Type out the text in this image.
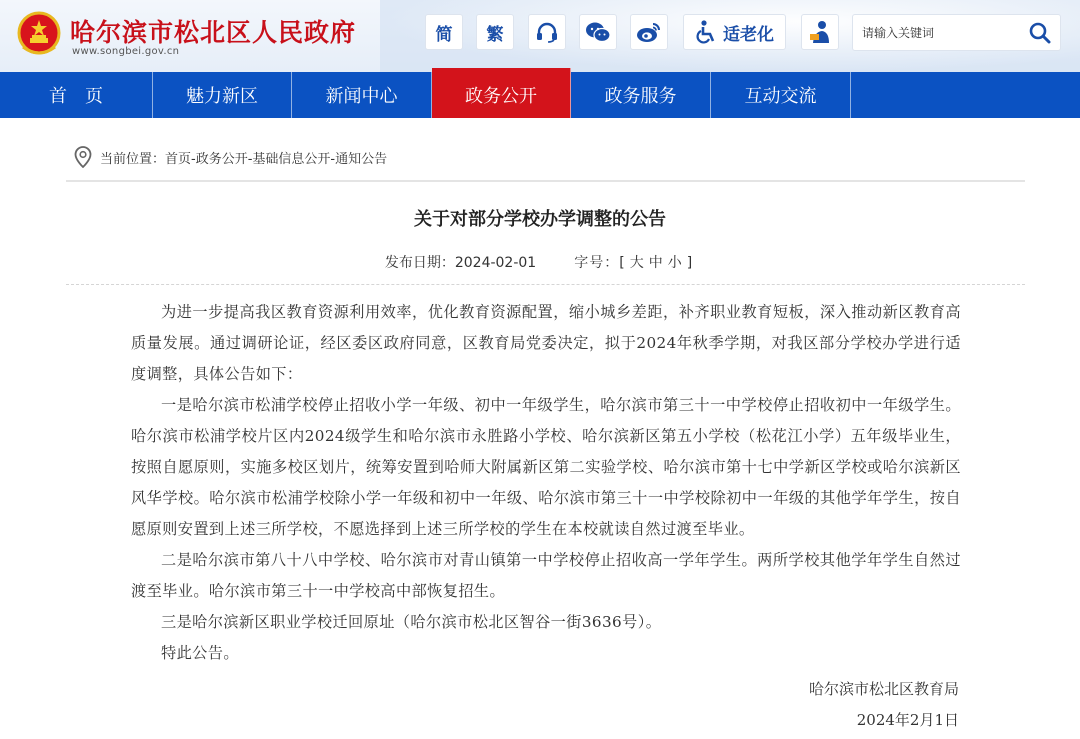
哈尔滨市松北区人民政府
www.songbei.gov.cn
简 繁	适老化
请输入关键词
首　页	魅力新区	新闻中心	政务公开	政务服务	互动交流
当前位置：首页-政务公开-基础信息公开-通知公告
关于对部分学校办学调整的公告
发布日期：2024-02-01	字号：[ 大 中 小 ]

为进一步提高我区教育资源利用效率，优化教育资源配置，缩小城乡差距，补齐职业教育短板，深入推动新区教育高质量发展。通过调研论证，经区委区政府同意，区教育局党委决定，拟于2024年秋季学期，对我区部分学校办学进行适度调整，具体公告如下：

一是哈尔滨市松浦学校停止招收小学一年级、初中一年级学生，哈尔滨市第三十一中学校停止招收初中一年级学生。哈尔滨市松浦学校片区内2024级学生和哈尔滨市永胜路小学校、哈尔滨新区第五小学校（松花江小学）五年级毕业生，按照自愿原则，实施多校区划片，统筹安置到哈师大附属新区第二实验学校、哈尔滨市第十七中学新区学校或哈尔滨新区风华学校。哈尔滨市松浦学校除小学一年级和初中一年级、哈尔滨市第三十一中学校除初中一年级的其他学年学生，按自愿原则安置到上述三所学校，不愿选择到上述三所学校的学生在本校就读自然过渡至毕业。

二是哈尔滨市第八十八中学校、哈尔滨市对青山镇第一中学校停止招收高一学年学生。两所学校其他学年学生自然过渡至毕业。哈尔滨市第三十一中学校高中部恢复招生。

三是哈尔滨新区职业学校迁回原址（哈尔滨市松北区智谷一街3636号）。

特此公告。

哈尔滨市松北区教育局
2024年2月1日
